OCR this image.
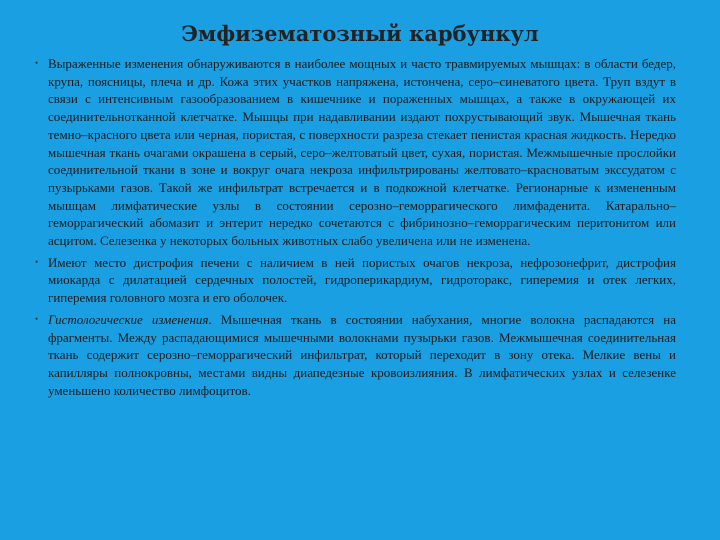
Эмфизематозный карбункул
• Выраженные изменения обнаруживаются в наиболее мощных и часто травмируемых мышцах: в области бедер, крупа, поясницы, плеча и др. Кожа этих участков напряжена, истончена, серо–синеватого цвета. Труп вздут в связи с интенсивным газообразованием в кишечнике и пораженных мышцах, а также в окружающей их соединительнотканной клетчатке. Мышцы при надавливании издают похрустывающий звук. Мышечная ткань темно–красного цвета или черная, пористая, с поверхности разреза стекает пенистая красная жидкость. Нередко мышечная ткань очагами окрашена в серый, серо–желтоватый цвет, сухая, пористая. Межмышечные прослойки соединительной ткани в зоне и вокруг очага некроза инфильтрированы желтовато–красноватым экссудатом с пузырьками газов. Такой же инфильтрат встречается и в подкожной клетчатке. Регионарные к измененным мышцам лимфатические узлы в состоянии серозно–геморрагического лимфаденита. Катарально–геморрагический абомазит и энтерит нередко сочетаются с фибринозно–геморрагическим перитонитом или асцитом. Селезенка у некоторых больных животных слабо увеличена или не изменена.
• Имеют место дистрофия печени с наличием в ней пористых очагов некроза, нефрозонефрит, дистрофия миокарда с дилатацией сердечных полостей, гидроперикардиум, гидроторакс, гиперемия и отек легких, гиперемия головного мозга и его оболочек.
• Гистологические изменения. Мышечная ткань в состоянии набухания, многие волокна распадаются на фрагменты. Между распадающимися мышечными волокнами пузырьки газов. Межмышечная соединительная ткань содержит серозно–геморрагический инфильтрат, который переходит в зону отека. Мелкие вены и капилляры полнокровны, местами видны диапедезные кровоизлияния. В лимфатических узлах и селезенке уменьшено количество лимфоцитов.
